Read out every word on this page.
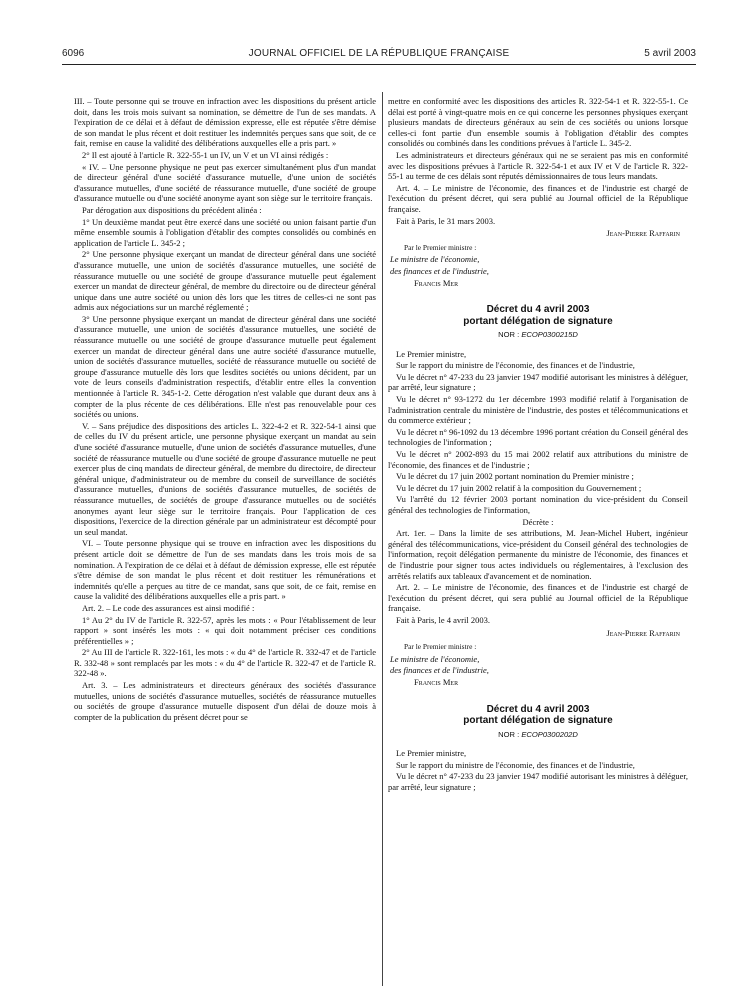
6096	JOURNAL OFFICIEL DE LA RÉPUBLIQUE FRANÇAISE	5 avril 2003

III. – Toute personne qui se trouve en infraction avec les dispositions du présent article doit, dans les trois mois suivant sa nomination, se démettre de l'un de ses mandats. A l'expiration de ce délai et à défaut de démission expresse, elle est réputée s'être démise de son mandat le plus récent et doit restituer les indemnités perçues sans que soit, de ce fait, remise en cause la validité des délibérations auxquelles elle a pris part. »

2° Il est ajouté à l'article R. 322-55-1 un IV, un V et un VI ainsi rédigés :

« IV. – Une personne physique ne peut pas exercer simultanément plus d'un mandat de directeur général d'une société d'assurance mutuelle, d'une union de sociétés d'assurance mutuelles, d'une société de réassurance mutuelle, d'une société de groupe d'assurance mutuelle ou d'une société anonyme ayant son siège sur le territoire français.

Par dérogation aux dispositions du précédent alinéa :

1° Un deuxième mandat peut être exercé dans une société ou union faisant partie d'un même ensemble soumis à l'obligation d'établir des comptes consolidés ou combinés en application de l'article L. 345-2 ;

2° Une personne physique exerçant un mandat de directeur général dans une société d'assurance mutuelle, une union de sociétés d'assurance mutuelles, une société de réassurance mutuelle ou une société de groupe d'assurance mutuelle peut également exercer un mandat de directeur général, de membre du directoire ou de directeur général unique dans une autre société ou union dès lors que les titres de celles-ci ne sont pas admis aux négociations sur un marché réglementé ;

3° Une personne physique exerçant un mandat de directeur général dans une société d'assurance mutuelle, une union de sociétés d'assurance mutuelles, une société de réassurance mutuelle ou une société de groupe d'assurance mutuelle peut également exercer un mandat de directeur général dans une autre société d'assurance mutuelle, union de sociétés d'assurance mutuelles, société de réassurance mutuelle ou société de groupe d'assurance mutuelle dès lors que lesdites sociétés ou unions décident, par un vote de leurs conseils d'administration respectifs, d'établir entre elles la convention mentionnée à l'article R. 345-1-2. Cette dérogation n'est valable que durant deux ans à compter de la plus récente de ces délibérations. Elle n'est pas renouvelable pour ces sociétés ou unions.

V. – Sans préjudice des dispositions des articles L. 322-4-2 et R. 322-54-1 ainsi que de celles du IV du présent article, une personne physique exerçant un mandat au sein d'une société d'assurance mutuelle, d'une union de sociétés d'assurance mutuelles, d'une société de réassurance mutuelle ou d'une société de groupe d'assurance mutuelle ne peut exercer plus de cinq mandats de directeur général, de membre du directoire, de directeur général unique, d'administrateur ou de membre du conseil de surveillance de sociétés d'assurance mutuelles, d'unions de sociétés d'assurance mutuelles, de sociétés de réassurance mutuelles, de sociétés de groupe d'assurance mutuelles ou de sociétés anonymes ayant leur siège sur le territoire français. Pour l'application de ces dispositions, l'exercice de la direction générale par un administrateur est décompté pour un seul mandat.

VI. – Toute personne physique qui se trouve en infraction avec les dispositions du présent article doit se démettre de l'un de ses mandats dans les trois mois de sa nomination. A l'expiration de ce délai et à défaut de démission expresse, elle est réputée s'être démise de son mandat le plus récent et doit restituer les rémunérations et indemnités qu'elle a perçues au titre de ce mandat, sans que soit, de ce fait, remise en cause la validité des délibérations auxquelles elle a pris part. »

Art. 2. – Le code des assurances est ainsi modifié :

1° Au 2° du IV de l'article R. 322-57, après les mots : « Pour l'établissement de leur rapport » sont insérés les mots : « qui doit notamment préciser ces conditions préférentielles » ;

2° Au III de l'article R. 322-161, les mots : « du 4° de l'article R. 332-47 et de l'article R. 332-48 » sont remplacés par les mots : « du 4° de l'article R. 322-47 et de l'article R. 322-48 ».

Art. 3. – Les administrateurs et directeurs généraux des sociétés d'assurance mutuelles, unions de sociétés d'assurance mutuelles, sociétés de réassurance mutuelles ou sociétés de groupe d'assurance mutuelle disposent d'un délai de douze mois à compter de la publication du présent décret pour se

mettre en conformité avec les dispositions des articles R. 322-54-1 et R. 322-55-1. Ce délai est porté à vingt-quatre mois en ce qui concerne les personnes physiques exerçant plusieurs mandats de directeurs généraux au sein de ces sociétés ou unions lorsque celles-ci font partie d'un ensemble soumis à l'obligation d'établir des comptes consolidés ou combinés dans les conditions prévues à l'article L. 345-2.

Les administrateurs et directeurs généraux qui ne se seraient pas mis en conformité avec les dispositions prévues à l'article R. 322-54-1 et aux IV et V de l'article R. 322-55-1 au terme de ces délais sont réputés démissionnaires de tous leurs mandats.

Art. 4. – Le ministre de l'économie, des finances et de l'industrie est chargé de l'exécution du présent décret, qui sera publié au Journal officiel de la République française.

Fait à Paris, le 31 mars 2003.

Jean-Pierre Raffarin

Par le Premier ministre :

Le ministre de l'économie,

des finances et de l'industrie,

Francis Mer

Décret du 4 avril 2003
portant délégation de signature
NOR : ECOP0300215D

Le Premier ministre,

Sur le rapport du ministre de l'économie, des finances et de l'industrie,

Vu le décret n° 47-233 du 23 janvier 1947 modifié autorisant les ministres à déléguer, par arrêté, leur signature ;

Vu le décret n° 93-1272 du 1er décembre 1993 modifié relatif à l'organisation de l'administration centrale du ministère de l'industrie, des postes et télécommunications et du commerce extérieur ;

Vu le décret n° 96-1092 du 13 décembre 1996 portant création du Conseil général des technologies de l'information ;

Vu le décret n° 2002-893 du 15 mai 2002 relatif aux attributions du ministre de l'économie, des finances et de l'industrie ;

Vu le décret du 17 juin 2002 portant nomination du Premier ministre ;

Vu le décret du 17 juin 2002 relatif à la composition du Gouvernement ;

Vu l'arrêté du 12 février 2003 portant nomination du vice-président du Conseil général des technologies de l'information,

Décrète :

Art. 1er. – Dans la limite de ses attributions, M. Jean-Michel Hubert, ingénieur général des télécommunications, vice-président du Conseil général des technologies de l'information, reçoit délégation permanente du ministre de l'économie, des finances et de l'industrie pour signer tous actes individuels ou réglementaires, à l'exclusion des arrêtés relatifs aux tableaux d'avancement et de nomination.

Art. 2. – Le ministre de l'économie, des finances et de l'industrie est chargé de l'exécution du présent décret, qui sera publié au Journal officiel de la République française.

Fait à Paris, le 4 avril 2003.

Jean-Pierre Raffarin

Par le Premier ministre :

Le ministre de l'économie,

des finances et de l'industrie,

Francis Mer

Décret du 4 avril 2003
portant délégation de signature
NOR : ECOP0300202D

Le Premier ministre,

Sur le rapport du ministre de l'économie, des finances et de l'industrie,

Vu le décret n° 47-233 du 23 janvier 1947 modifié autorisant les ministres à déléguer, par arrêté, leur signature ;
